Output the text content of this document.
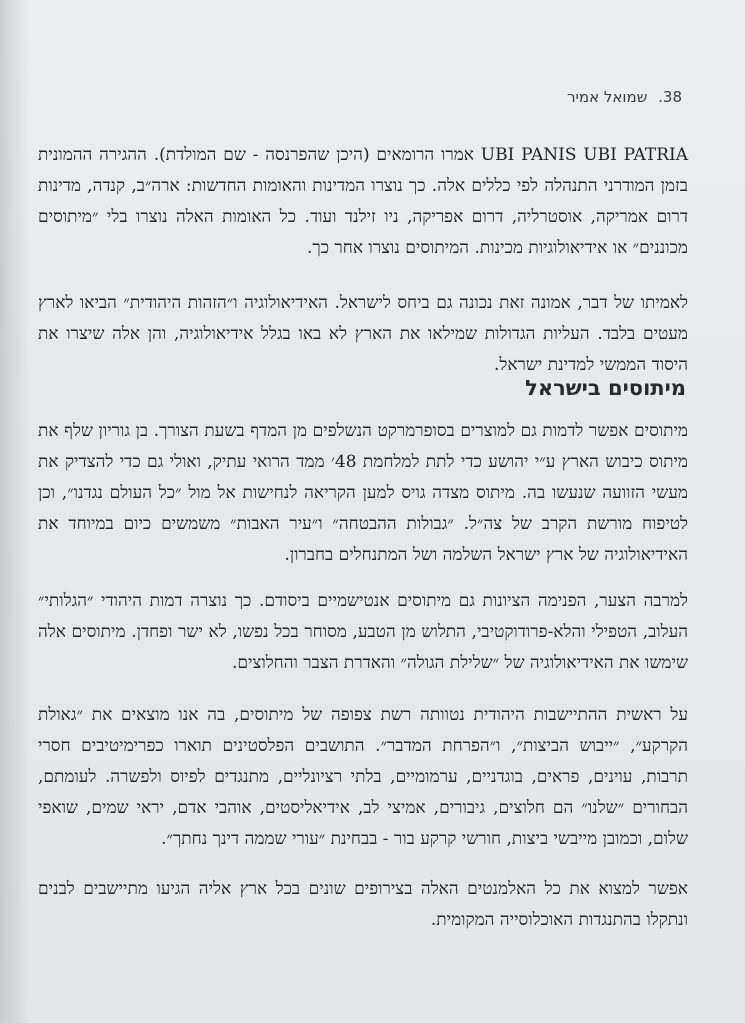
38. שמואל אמיר

UBI PANIS UBI PATRIA אמרו הרומאים (היכן שהפרנסה - שם המולדת). ההגירה ההמונית בזמן המודרני התנהלה לפי כללים אלה. כך נוצרו המדינות והאומות החדשות: ארה״ב, קנדה, מדינות דרום אמריקה, אוסטרליה, דרום אפריקה, ניו זילנד ועוד. כל האומות האלה נוצרו בלי ״מיתוסים מכוננים״ או אידיאולוגיות מכינות. המיתוסים נוצרו אחר כך.

לאמיתו של דבר, אמונה זאת נכונה גם ביחס לישראל. האידיאולוגיה ו״הזהות היהודית״ הביאו לארץ מעטים בלבד. העליות הגדולות שמילאו את הארץ לא באו בגלל אידיאולוגיה, והן אלה שיצרו את היסוד הממשי למדינת ישראל.

מיתוסים בישראל

מיתוסים אפשר לדמות גם למוצרים בסופרמרקט הנשלפים מן המדף בשעת הצורך. בן גוריון שלף את מיתוס כיבוש הארץ ע״י יהושע כדי לתת למלחמת 48׳ ממד הרואי עתיק, ואולי גם כדי להצדיק את מעשי הזוועה שנעשו בה. מיתוס מצדה גויס למען הקריאה לנחישות אל מול ״כל העולם נגדנו״, וכן לטיפוח מורשת הקרב של צה״ל. ״גבולות ההבטחה״ ו״עיר האבות״ משמשים כיום במיוחד את האידיאולוגיה של ארץ ישראל השלמה ושל המתנחלים בחברון.

למרבה הצער, הפנימה הציונות גם מיתוסים אנטישמיים ביסודם. כך נוצרה דמות היהודי ״הגלותי״ העלוב, הטפילי והלא-פרודוקטיבי, התלוש מן הטבע, מסוחר בכל נפשו, לא ישר ופחדן. מיתוסים אלה שימשו את האידיאולוגיה של ״שלילת הגולה״ והאדרת הצבר והחלוצים.

על ראשית ההתיישבות היהודית נטוותה רשת צפופה של מיתוסים, בה אנו מוצאים את ״גאולת הקרקע״, ״ייבוש הביצות״, ו״הפרחת המדבר״. התושבים הפלסטינים תוארו כפרימיטיבים חסרי תרבות, עוינים, פראים, בוגדניים, ערמומיים, בלתי רציונליים, מתנגדים לפיוס ולפשרה. לעומתם, הבחורים ״שלנו״ הם חלוצים, גיבורים, אמיצי לב, אידיאליסטים, אוהבי אדם, יראי שמים, שואפי שלום, וכמובן מייבשי ביצות, חורשי קרקע בור - בבחינת ״עורי שממה דינך נחתך״.

אפשר למצוא את כל האלמנטים האלה בצירופים שונים בכל ארץ אליה הגיעו מתיישבים לבנים ונתקלו בהתנגדות האוכלוסייה המקומית.
